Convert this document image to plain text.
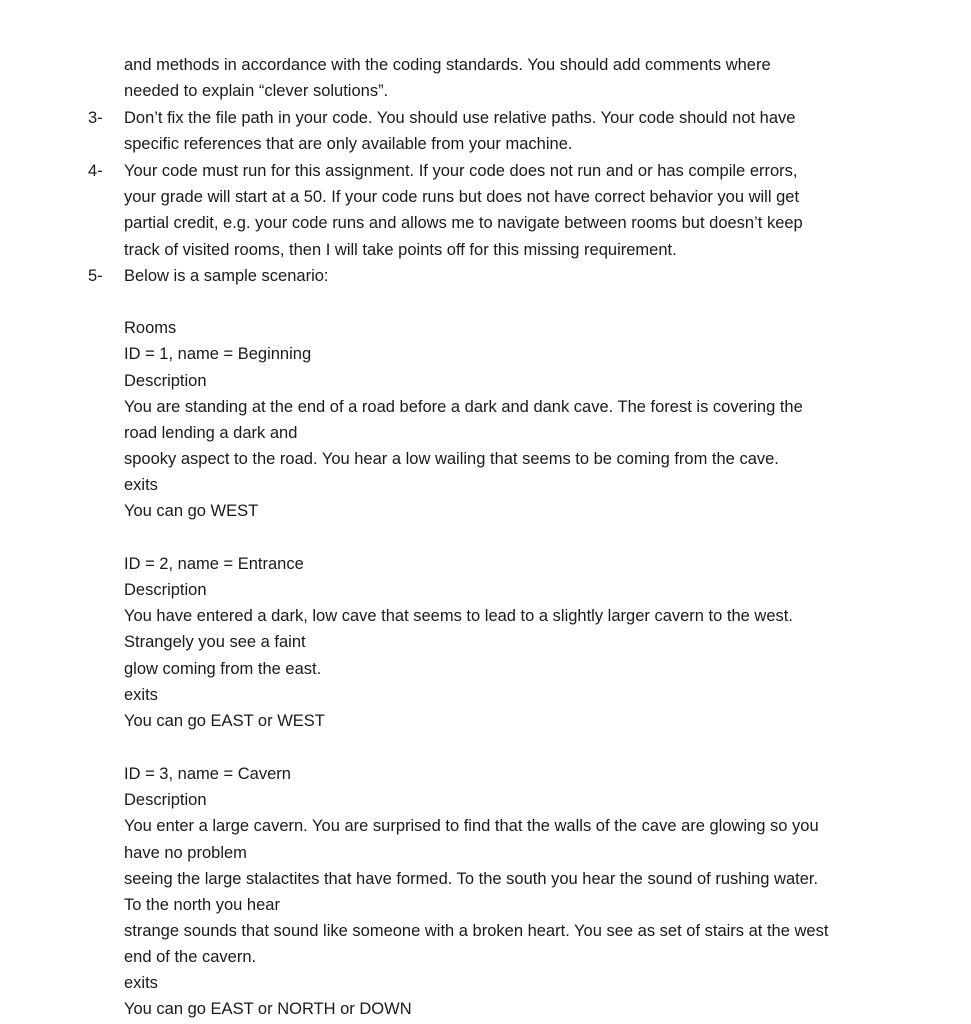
and methods in accordance with the coding standards. You should add comments where
needed to explain “clever solutions”.
3- Don’t fix the file path in your code. You should use relative paths. Your code should not have
specific references that are only available from your machine.
4- Your code must run for this assignment. If your code does not run and or has compile errors,
your grade will start at a 50. If your code runs but does not have correct behavior you will get
partial credit, e.g. your code runs and allows me to navigate between rooms but doesn’t keep
track of visited rooms, then I will take points off for this missing requirement.
5- Below is a sample scenario:
Rooms
ID = 1, name = Beginning
Description
You are standing at the end of a road before a dark and dank cave. The forest is covering the
road lending a dark and
spooky aspect to the road. You hear a low wailing that seems to be coming from the cave.
exits
You can go WEST
ID = 2, name = Entrance
Description
You have entered a dark, low cave that seems to lead to a slightly larger cavern to the west.
Strangely you see a faint
glow coming from the east.
exits
You can go EAST or WEST
ID = 3, name = Cavern
Description
You enter a large cavern. You are surprised to find that the walls of the cave are glowing so you
have no problem
seeing the large stalactites that have formed. To the south you hear the sound of rushing water.
To the north you hear
strange sounds that sound like someone with a broken heart. You see as set of stairs at the west
end of the cavern.
exits
You can go EAST or NORTH or DOWN
